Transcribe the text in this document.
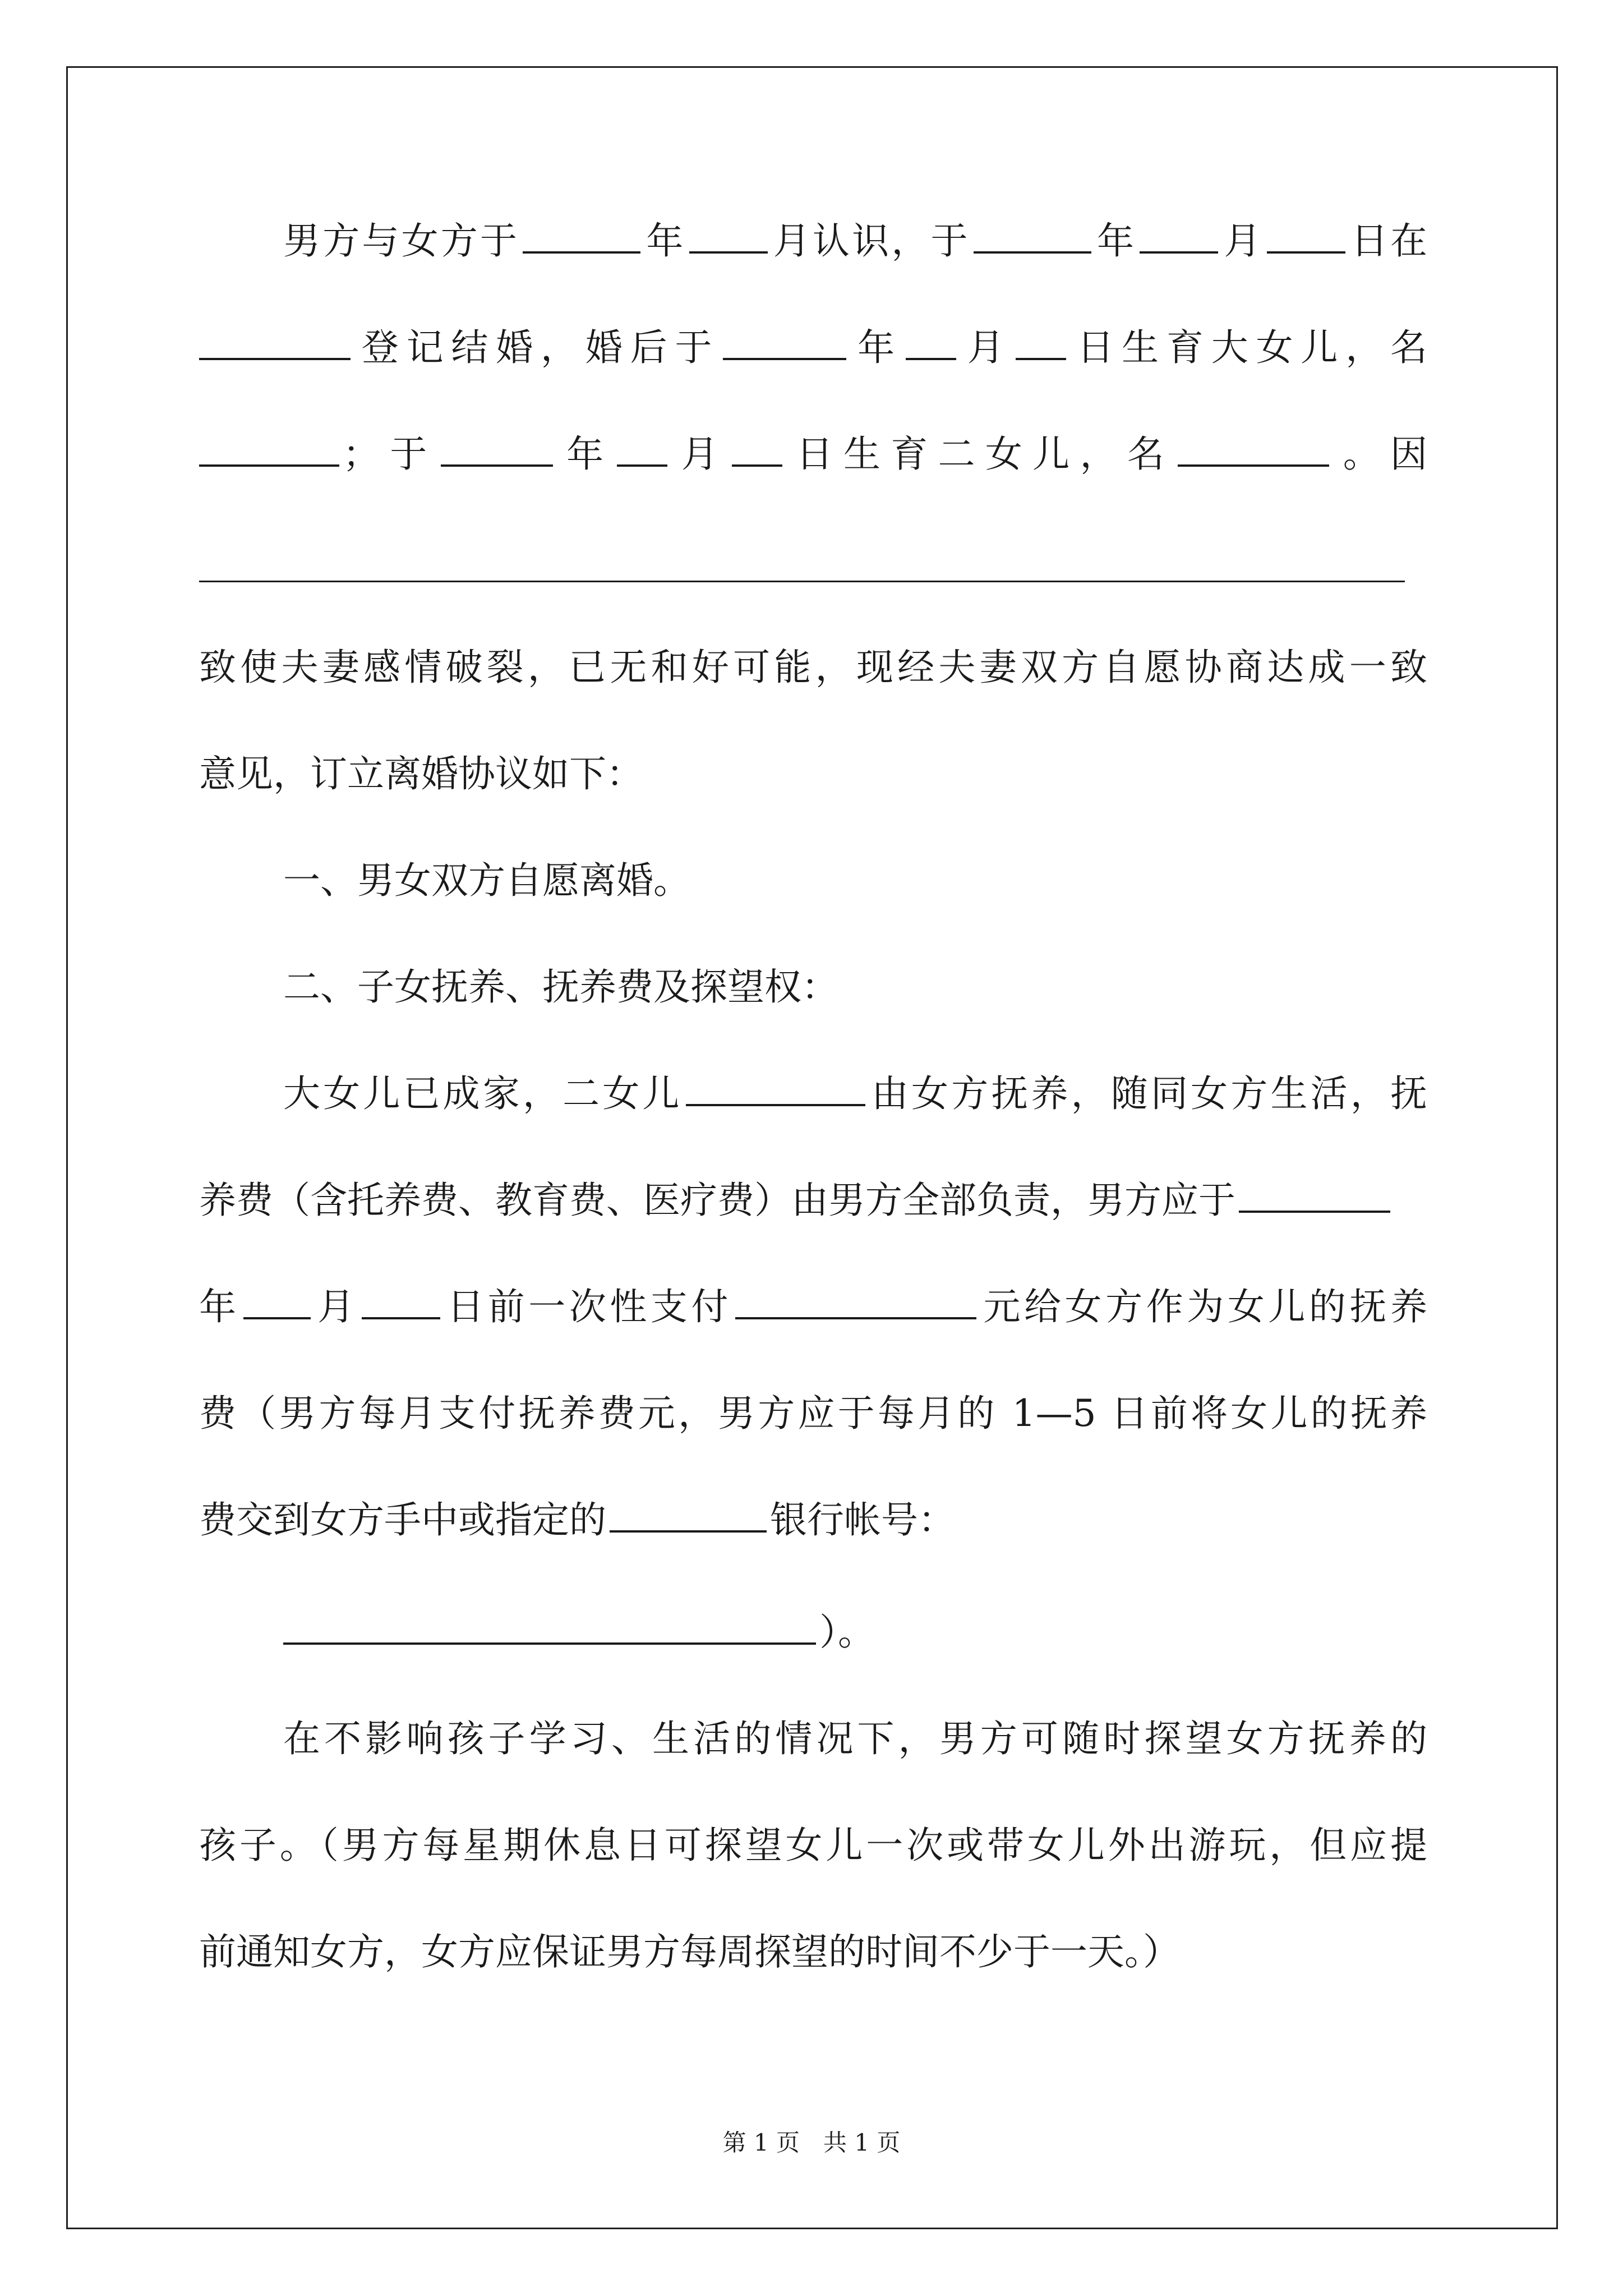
男方与女方于	年 月认识，于	年 月 日在
登记结婚，婚后于	年 月 日生育大女儿，名
；于	年 月 日生育二女儿，名	。因
致使夫妻感情破裂，已无和好可能，现经夫妻双方自愿协商达成一致
意见，订立离婚协议如下：
一、男女双方自愿离婚。
二、子女抚养、抚养费及探望权：
大女儿已成家，二女儿	由女方抚养，随同女方生活，抚
养费（含托养费、教育费、医疗费）由男方全部负责，男方应于
年 月 日前一次性支付	元给女方作为女儿的抚养
费（男方每月支付抚养费元，男方应于每月的 1—5 日前将女儿的抚养
费交到女方手中或指定的	银行帐号：
）。
在不影响孩子学习、生活的情况下，男方可随时探望女方抚养的
孩子。（男方每星期休息日可探望女儿一次或带女儿外出游玩，但应提
前通知女方，女方应保证男方每周探望的时间不少于一天。）
第 1 页　共 1 页
